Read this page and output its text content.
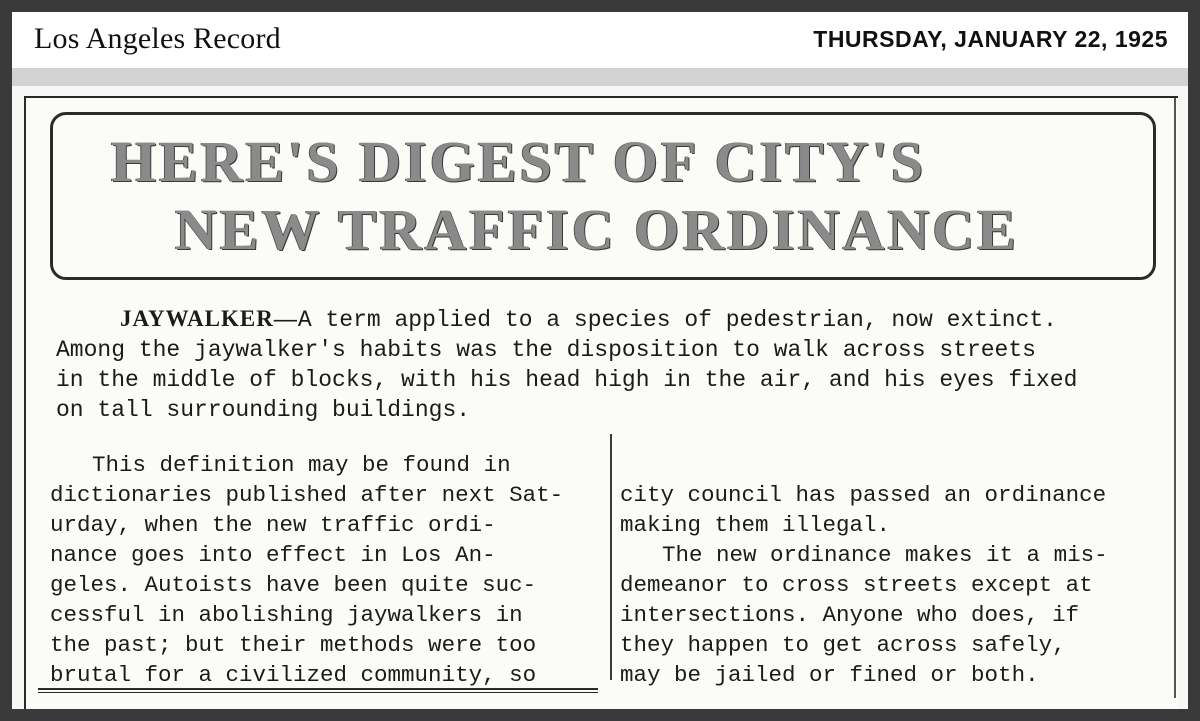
Los Angeles Record	THURSDAY, JANUARY 22, 1925
HERE'S DIGEST OF CITY'S
NEW TRAFFIC ORDINANCE

JAYWALKER—A term applied to a species of pedestrian, now extinct.
Among the jaywalker's habits was the disposition to walk across streets
in the middle of blocks, with his head high in the air, and his eyes fixed
on tall surrounding buildings.

This definition may be found in
dictionaries published after next Sat-
urday, when the new traffic ordi-
nance goes into effect in Los An-
geles. Autoists have been quite suc-
cessful in abolishing jaywalkers in
the past; but their methods were too
brutal for a civilized community, so
city council has passed an ordinance
making them illegal.
The new ordinance makes it a mis-
demeanor to cross streets except at
intersections. Anyone who does, if
they happen to get across safely,
may be jailed or fined or both.
